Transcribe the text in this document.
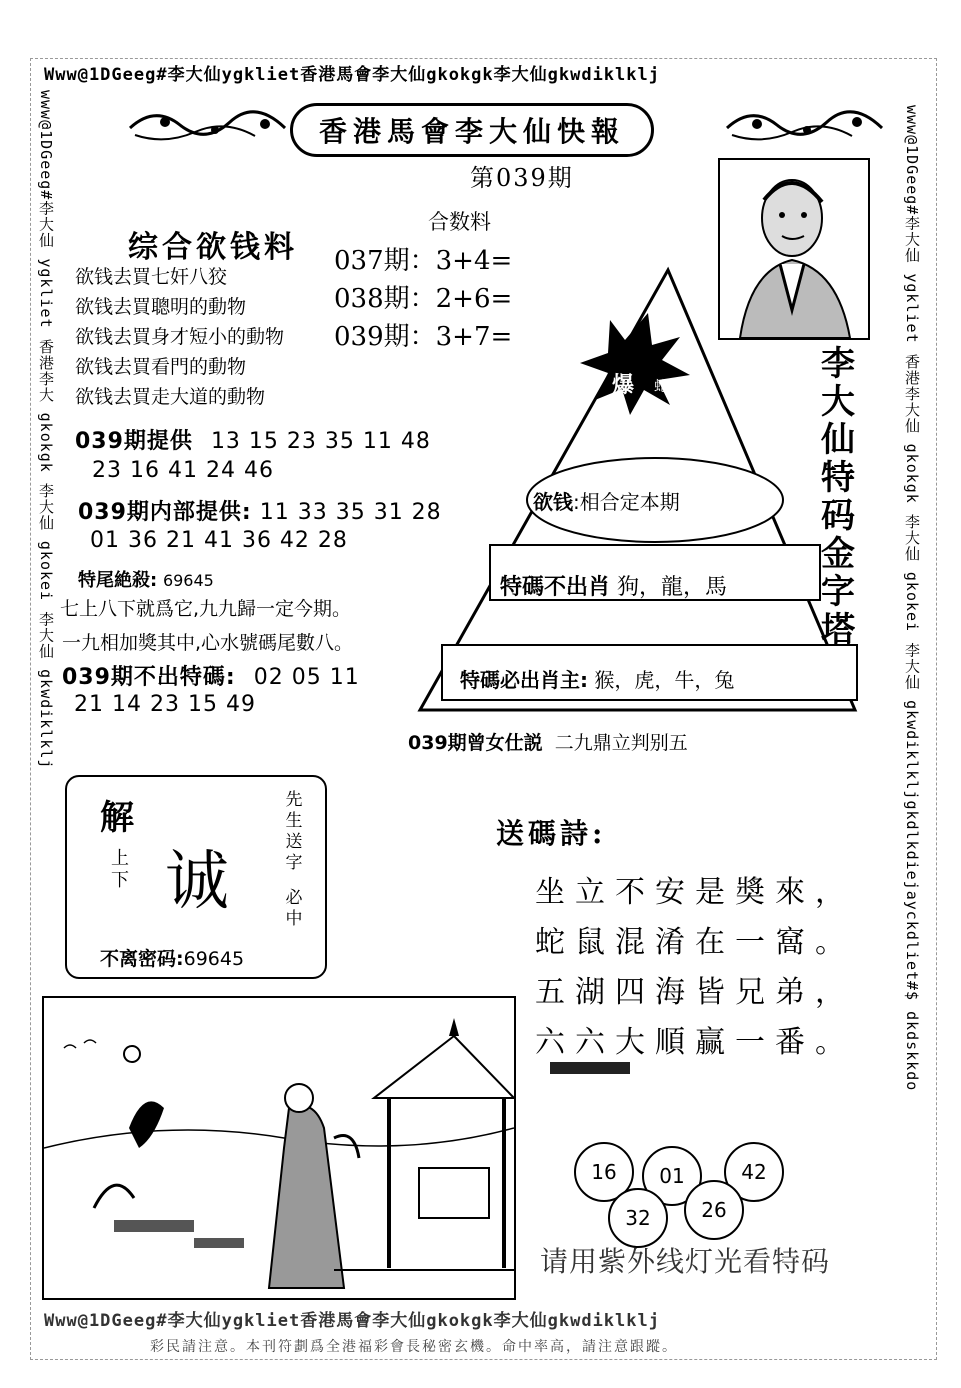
Www@1DGeeg#李大仙ygkliet香港馬會李大仙gkokgk李大仙gkwdiklklj
Www@1DGeeg#李大仙ygkliet香港馬會李大仙gkokgk李大仙gkwdiklklj
www@1DGeeg#李大仙 ygkliet 香港李大 gkokgk 李大仙 gkokei 李大仙 gkwdiklklj	www@1DGeeg#李大仙 ygkliet 香港李大仙 gkokgk 李大仙 gkokei 李大仙 gkwdiklkljgkdlkdiejayckdliet#$ dkdskkdo
香港馬會李大仙快報
第039期
合数料
037期：3+4=
038期：2+6=
039期：3+7=
综合欲钱料
欲钱去買七奸八狡
欲钱去買聰明的動物
欲钱去買身才短小的動物
欲钱去買看門的動物
欲钱去買走大道的動物
039期提供 13 15 23 35 11 48
23 16 41 24 46
039期内部提供: 11 33 35 31 28
01 36 21 41 36 42 28
特尾絶殺: 69645
七上八下就爲它,九九歸一定今期。
一九相加獎其中,心水號碼尾數八。
039期不出特碼: 02 05 11
21 14 23 15 49
爆 蛇
欲钱:相合定本期
特碼不出肖 狗，龍，馬
特碼必出肖主: 猴，虎，牛，兔
李大仙特码金字塔
039期曾女仕説 二九鼎立判别五
解
上下 诚
先生送字
必中
不离密码:69645
送碼詩:
坐立不安是奬來，
蛇鼠混淆在一窩。
五湖四海皆兄弟，
六六大順赢一番。
16	01	42
32	26
请用紫外线灯光看特码
彩民請注意。本刊符劃爲全港福彩會長秘密玄機。命中率高，請注意跟蹤。
